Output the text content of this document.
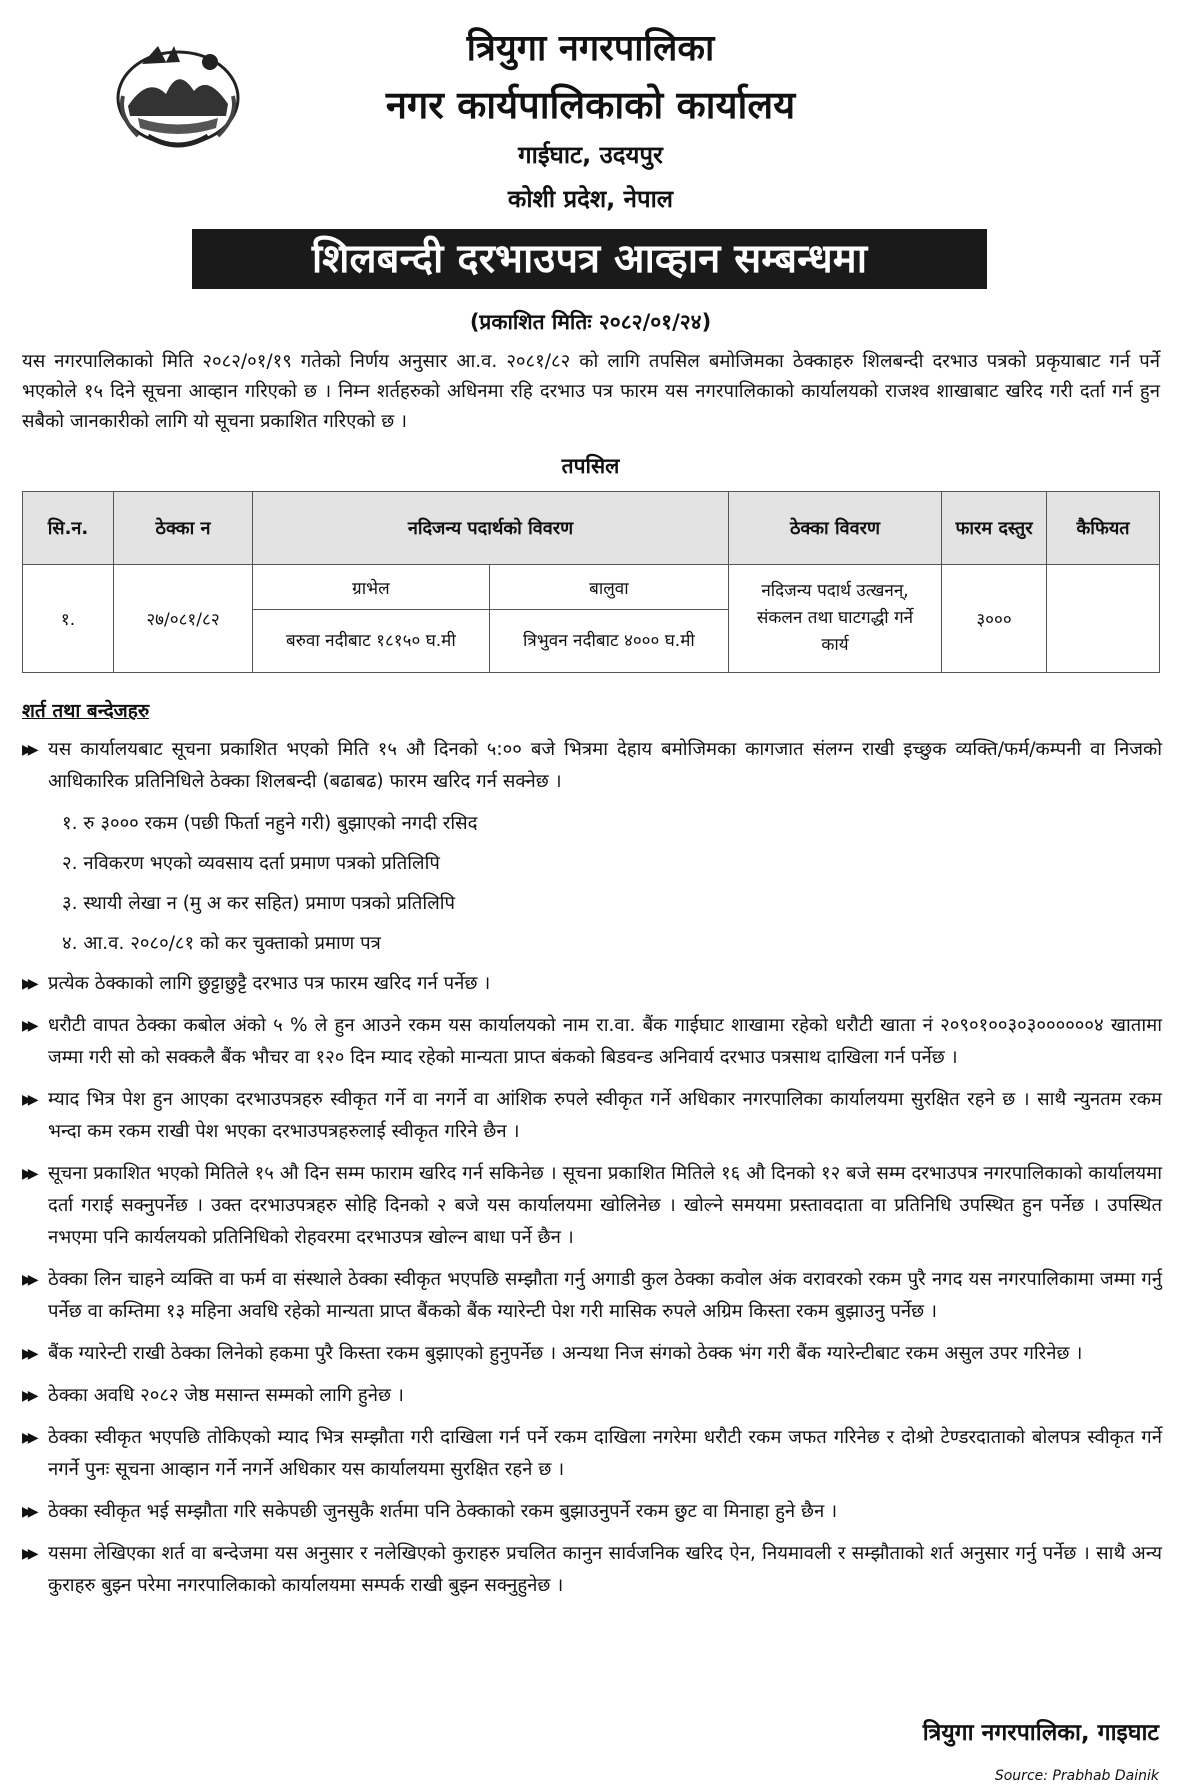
त्रियुगा नगरपालिका
नगर कार्यपालिकाको कार्यालय
गाईघाट, उदयपुर
कोशी प्रदेश, नेपाल
शिलबन्दी दरभाउपत्र आव्हान सम्बन्धमा
(प्रकाशित मितिः २०८२/०१/२४)
यस नगरपालिकाको मिति २०८२/०१/१९ गतेको निर्णय अनुसार आ.व. २०८१/८२ को लागि तपसिल बमोजिमका ठेक्काहरु शिलबन्दी दरभाउ पत्रको प्रकृयाबाट गर्न पर्ने भएकोले १५ दिने सूचना आव्हान गरिएको छ । निम्न शर्तहरुको अधिनमा रहि दरभाउ पत्र फारम यस नगरपालिकाको कार्यालयको राजश्व शाखाबाट खरिद गरी दर्ता गर्न हुन सबैको जानकारीको लागि यो सूचना प्रकाशित गरिएको छ ।
तपसिल
सि.न.	ठेक्का न	नदिजन्य पदार्थको विवरण		ठेक्का विवरण	फारम दस्तुर	कैफियत
१.	२७/०८१/८२	ग्राभेल	बालुवा	नदिजन्य पदार्थ उत्खनन्, संकलन तथा घाटगद्धी गर्ने कार्य	३०००	
		बरुवा नदीबाट १८१५० घ.मी	त्रिभुवन नदीबाट ४००० घ.मी			
शर्त तथा बन्देजहरु
▶▶ यस कार्यालयबाट सूचना प्रकाशित भएको मिति १५ औ दिनको ५:०० बजे भित्रमा देहाय बमोजिमका कागजात संलग्न राखी इच्छुक व्यक्ति/फर्म/कम्पनी वा निजको आधिकारिक प्रतिनिधिले ठेक्का शिलबन्दी (बढाबढ) फारम खरिद गर्न सक्नेछ ।
१. रु ३००० रकम (पछी फिर्ता नहुने गरी) बुझाएको नगदी रसिद
२. नविकरण भएको व्यवसाय दर्ता प्रमाण पत्रको प्रतिलिपि
३. स्थायी लेखा न (मु अ कर सहित) प्रमाण पत्रको प्रतिलिपि
४. आ.व. २०८०/८१ को कर चुक्ताको प्रमाण पत्र
▶▶ प्रत्येक ठेक्काको लागि छुट्टाछुट्टै दरभाउ पत्र फारम खरिद गर्न पर्नेछ ।
▶▶ धरौटी वापत ठेक्का कबोल अंको ५ % ले हुन आउने रकम यस कार्यालयको नाम रा.वा. बैंक गाईघाट शाखामा रहेको धरौटी खाता नं २०९०१००३०३००००००४ खातामा जम्मा गरी सो को सक्कलै बैंक भौचर वा १२० दिन म्याद रहेको मान्यता प्राप्त बंकको बिडवन्ड अनिवार्य दरभाउ पत्रसाथ दाखिला गर्न पर्नेछ ।
▶▶ म्याद भित्र पेश हुन आएका दरभाउपत्रहरु स्वीकृत गर्ने वा नगर्ने वा आंशिक रुपले स्वीकृत गर्ने अधिकार नगरपालिका कार्यालयमा सुरक्षित रहने छ । साथै न्युनतम रकम भन्दा कम रकम राखी पेश भएका दरभाउपत्रहरुलाई स्वीकृत गरिने छैन ।
▶▶ सूचना प्रकाशित भएको मितिले १५ औ दिन सम्म फाराम खरिद गर्न सकिनेछ । सूचना प्रकाशित मितिले १६ औ दिनको १२ बजे सम्म दरभाउपत्र नगरपालिकाको कार्यालयमा दर्ता गराई सक्नुपर्नेछ । उक्त दरभाउपत्रहरु सोहि दिनको २ बजे यस कार्यालयमा खोलिनेछ । खोल्ने समयमा प्रस्तावदाता वा प्रतिनिधि उपस्थित हुन पर्नेछ । उपस्थित नभएमा पनि कार्यलयको प्रतिनिधिको रोहवरमा दरभाउपत्र खोल्न बाधा पर्ने छैन ।
▶▶ ठेक्का लिन चाहने व्यक्ति वा फर्म वा संस्थाले ठेक्का स्वीकृत भएपछि सम्झौता गर्नु अगाडी कुल ठेक्का कवोल अंक वरावरको रकम पुरै नगद यस नगरपालिकामा जम्मा गर्नु पर्नेछ वा कम्तिमा १३ महिना अवधि रहेको मान्यता प्राप्त बैंकको बैंक ग्यारेन्टी पेश गरी मासिक रुपले अग्रिम किस्ता रकम बुझाउनु पर्नेछ ।
▶▶ बैंक ग्यारेन्टी राखी ठेक्का लिनेको हकमा पुरै किस्ता रकम बुझाएको हुनुपर्नेछ । अन्यथा निज संगको ठेक्क भंग गरी बैंक ग्यारेन्टीबाट रकम असुल उपर गरिनेछ ।
▶▶ ठेक्का अवधि २०८२ जेष्ठ मसान्त सम्मको लागि हुनेछ ।
▶▶ ठेक्का स्वीकृत भएपछि तोकिएको म्याद भित्र सम्झौता गरी दाखिला गर्न पर्ने रकम दाखिला नगरेमा धरौटी रकम जफत गरिनेछ र दोश्रो टेण्डरदाताको बोलपत्र स्वीकृत गर्ने नगर्ने पुनः सूचना आव्हान गर्ने नगर्ने अधिकार यस कार्यालयमा सुरक्षित रहने छ ।
▶▶ ठेक्का स्वीकृत भई सम्झौता गरि सकेपछी जुनसुकै शर्तमा पनि ठेक्काको रकम बुझाउनुपर्ने रकम छुट वा मिनाहा हुने छैन ।
▶▶ यसमा लेखिएका शर्त वा बन्देजमा यस अनुसार र नलेखिएको कुराहरु प्रचलित कानुन सार्वजनिक खरिद ऐन, नियमावली र सम्झौताको शर्त अनुसार गर्नु पर्नेछ । साथै अन्य कुराहरु बुझ्न परेमा नगरपालिकाको कार्यालयमा सम्पर्क राखी बुझ्न सक्नुहुनेछ ।
त्रियुगा नगरपालिका, गाइघाट
Source: Prabhab Dainik
